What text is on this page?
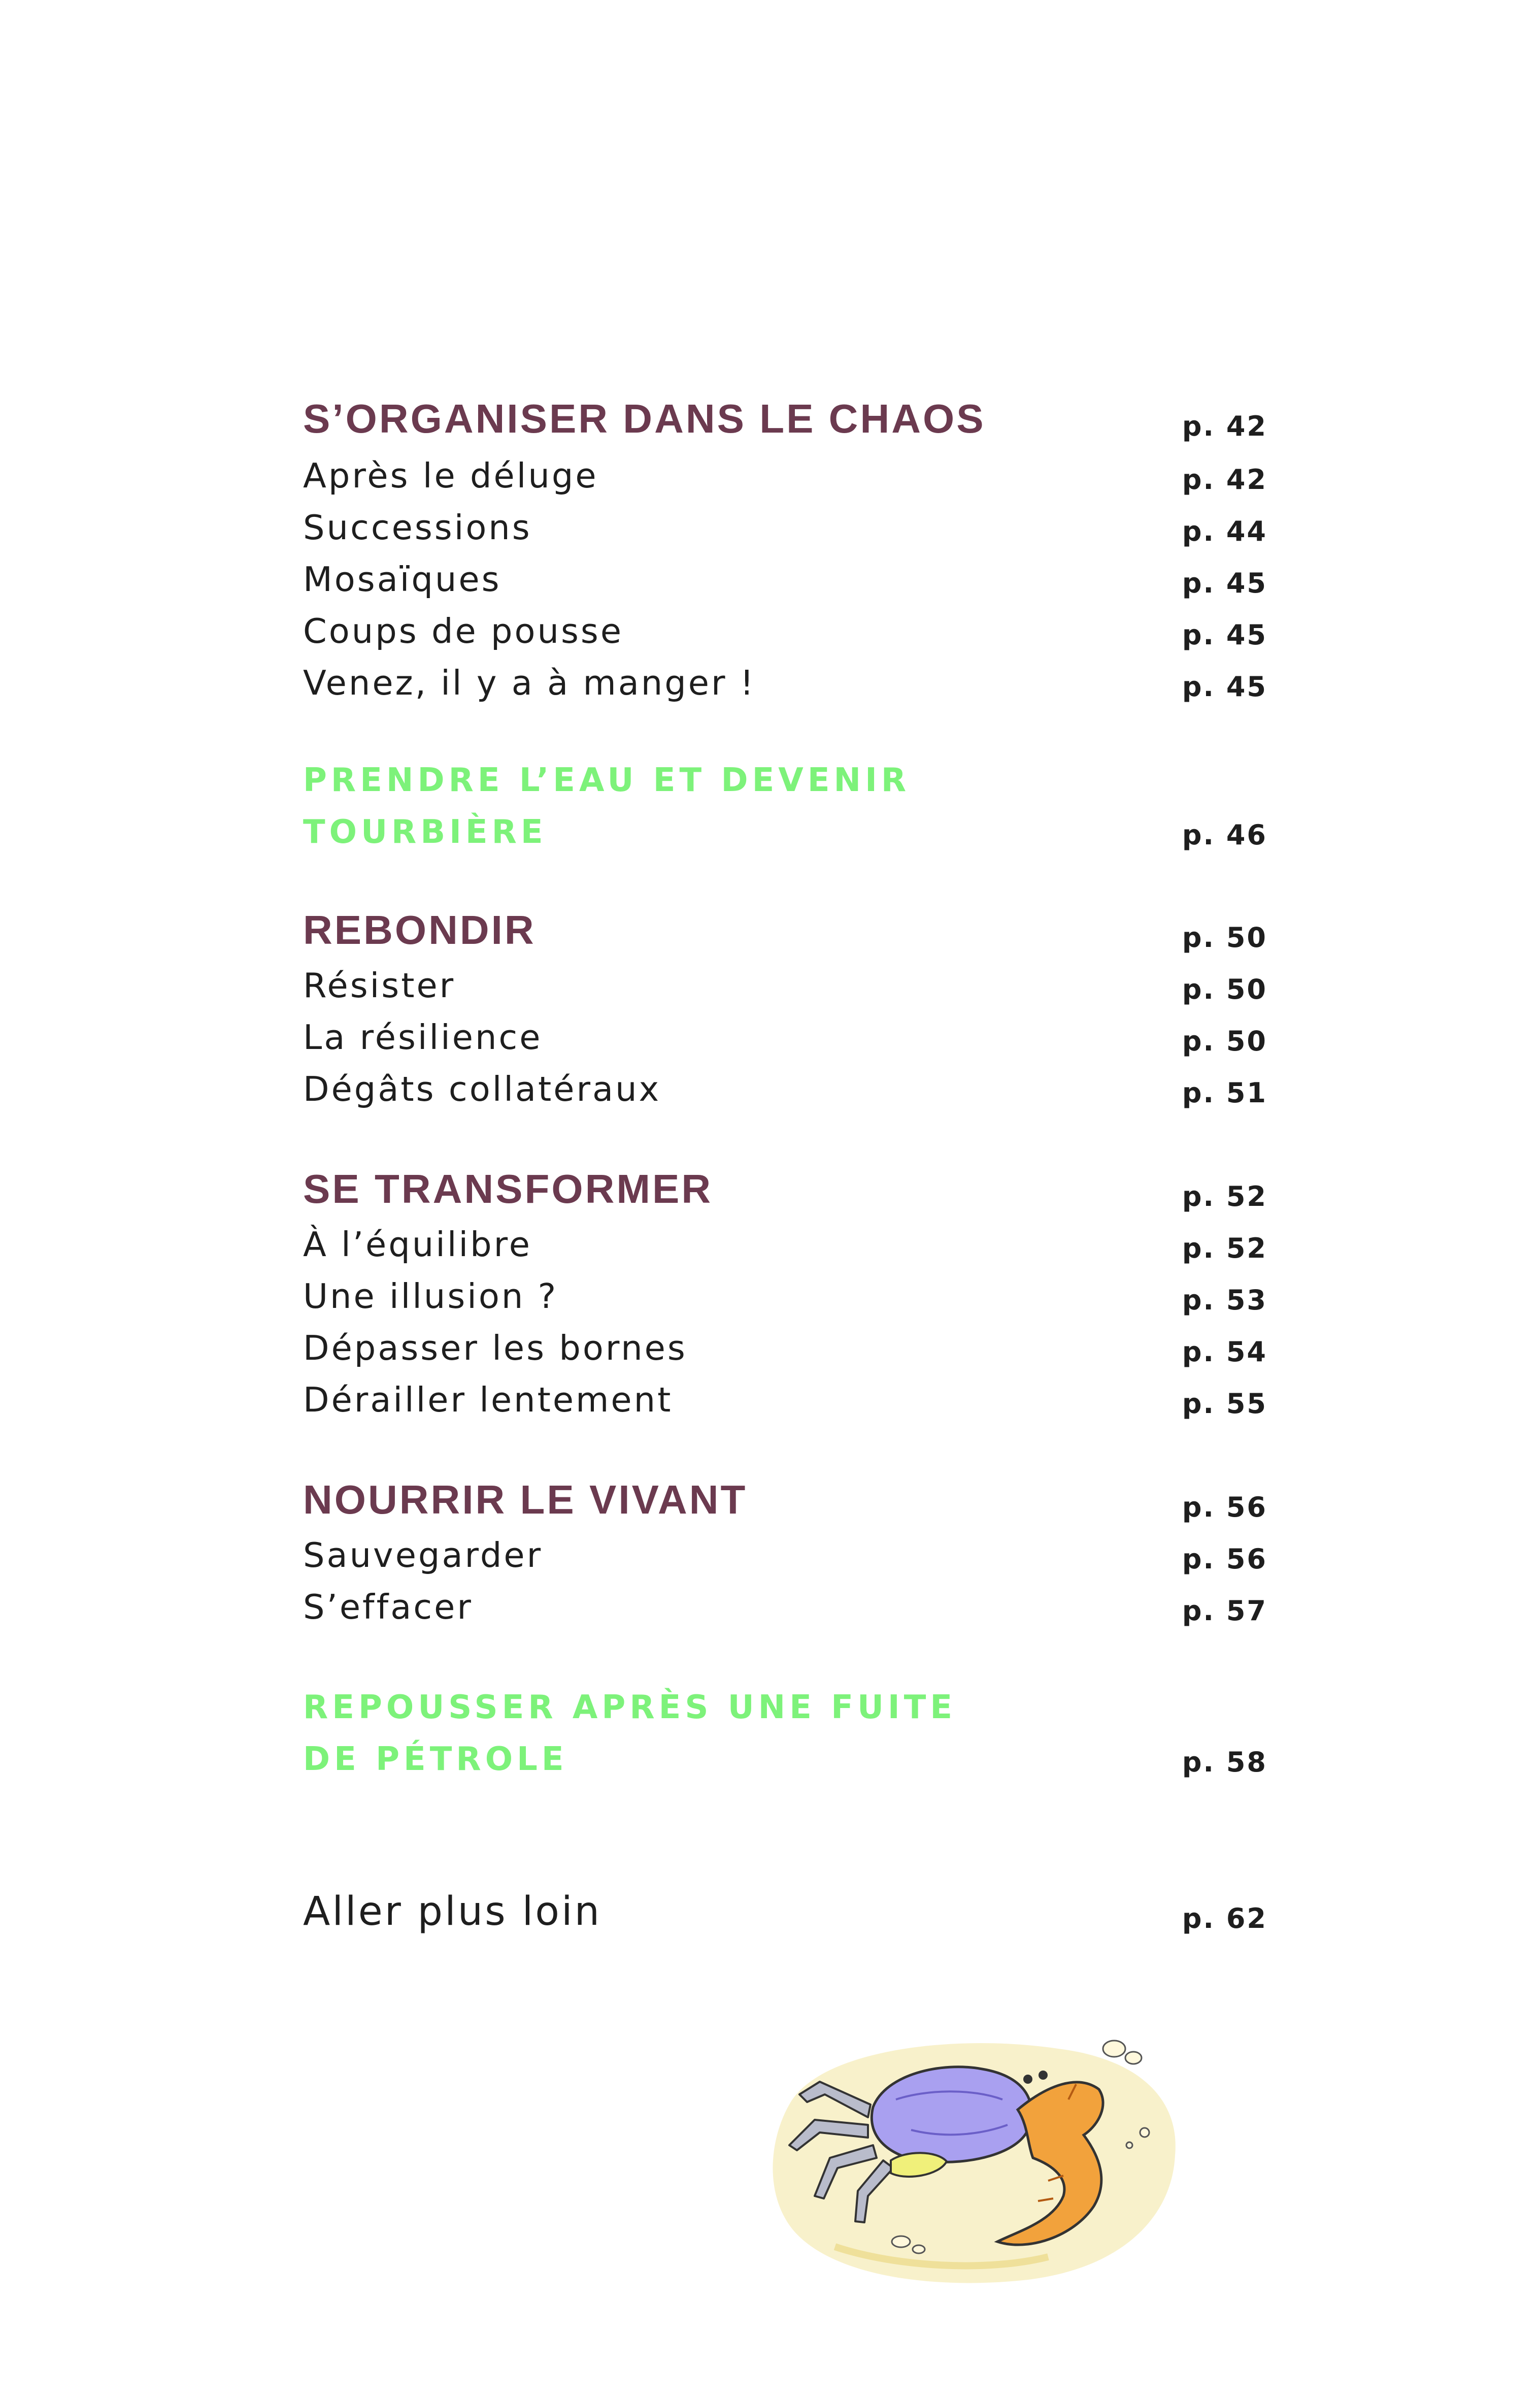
S’ORGANISER DANS LE CHAOS	p. 42
Après le déluge	p. 42
Successions	p. 44
Mosaïques	p. 45
Coups de pousse	p. 45
Venez, il y a à manger !	p. 45
PRENDRE L’EAU ET DEVENIR
TOURBIÈRE	p. 46
REBONDIR	p. 50
Résister	p. 50
La résilience	p. 50
Dégâts collatéraux	p. 51
SE TRANSFORMER	p. 52
À l’équilibre	p. 52
Une illusion ?	p. 53
Dépasser les bornes	p. 54
Dérailler lentement	p. 55
NOURRIR LE VIVANT	p. 56
Sauvegarder	p. 56
S’effacer	p. 57
REPOUSSER APRÈS UNE FUITE
DE PÉTROLE	p. 58
Aller plus loin	p. 62
